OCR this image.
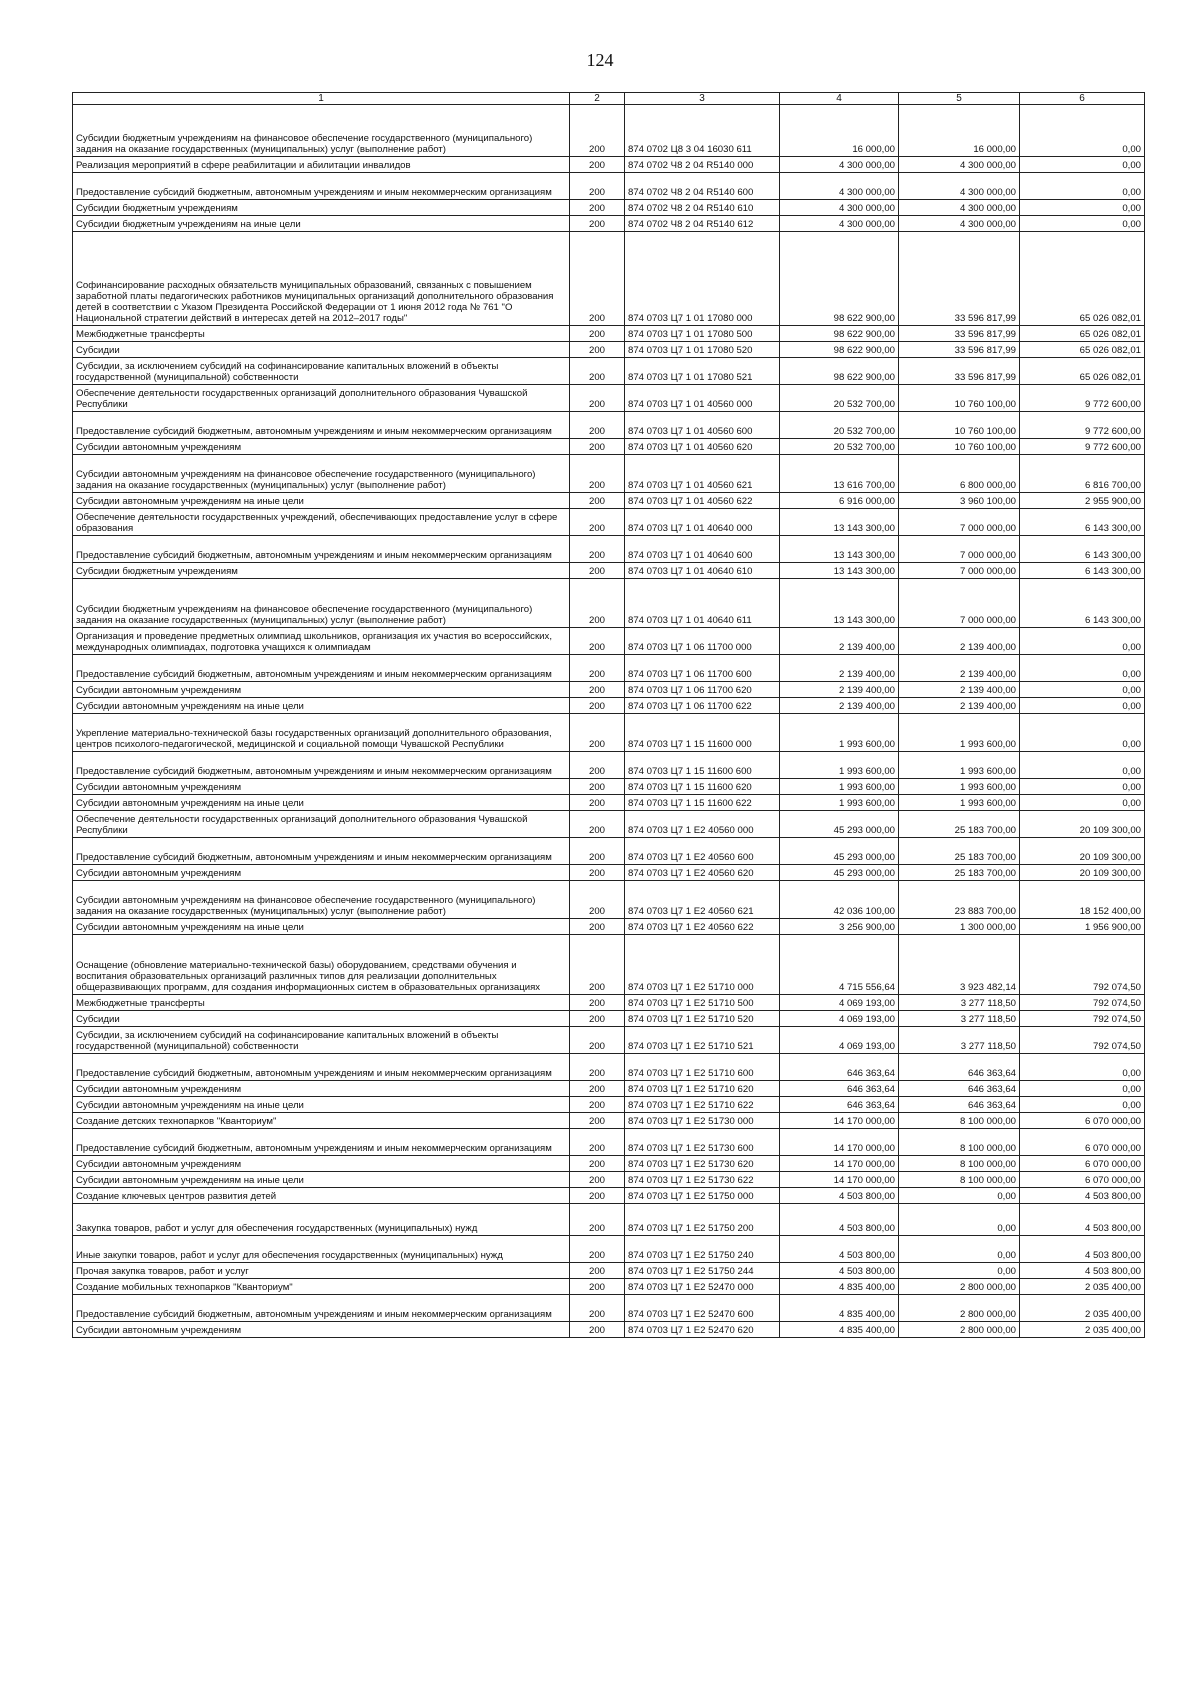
124
1	2	3	4	5	6
Субсидии бюджетным учреждениям на финансовое обеспечение государственного (муниципального) задания на оказание государственных (муниципальных) услуг (выполнение работ)	200	874 0702 Ц8 3 04 16030 611	16 000,00	16 000,00	0,00
Реализация мероприятий в сфере реабилитации и абилитации инвалидов	200	874 0702 Ч8 2 04 R5140 000	4 300 000,00	4 300 000,00	0,00
Предоставление субсидий бюджетным, автономным учреждениям и иным некоммерческим организациям	200	874 0702 Ч8 2 04 R5140 600	4 300 000,00	4 300 000,00	0,00
Субсидии бюджетным учреждениям	200	874 0702 Ч8 2 04 R5140 610	4 300 000,00	4 300 000,00	0,00
Субсидии бюджетным учреждениям на иные цели	200	874 0702 Ч8 2 04 R5140 612	4 300 000,00	4 300 000,00	0,00
Софинансирование расходных обязательств муниципальных образований, связанных с повышением заработной платы педагогических работников муниципальных организаций дополнительного образования детей в соответствии с Указом Президента Российской Федерации от 1 июня 2012 года № 761 "О Национальной стратегии действий в интересах детей на 2012–2017 годы"	200	874 0703 Ц7 1 01 17080 000	98 622 900,00	33 596 817,99	65 026 082,01
Межбюджетные трансферты	200	874 0703 Ц7 1 01 17080 500	98 622 900,00	33 596 817,99	65 026 082,01
Субсидии	200	874 0703 Ц7 1 01 17080 520	98 622 900,00	33 596 817,99	65 026 082,01
Субсидии, за исключением субсидий на софинансирование капитальных вложений в объекты государственной (муниципальной) собственности	200	874 0703 Ц7 1 01 17080 521	98 622 900,00	33 596 817,99	65 026 082,01
Обеспечение деятельности государственных организаций дополнительного образования Чувашской Республики	200	874 0703 Ц7 1 01 40560 000	20 532 700,00	10 760 100,00	9 772 600,00
Предоставление субсидий бюджетным, автономным учреждениям и иным некоммерческим организациям	200	874 0703 Ц7 1 01 40560 600	20 532 700,00	10 760 100,00	9 772 600,00
Субсидии автономным учреждениям	200	874 0703 Ц7 1 01 40560 620	20 532 700,00	10 760 100,00	9 772 600,00
Субсидии автономным учреждениям на финансовое обеспечение государственного (муниципального) задания на оказание государственных (муниципальных) услуг (выполнение работ)	200	874 0703 Ц7 1 01 40560 621	13 616 700,00	6 800 000,00	6 816 700,00
Субсидии автономным учреждениям на иные цели	200	874 0703 Ц7 1 01 40560 622	6 916 000,00	3 960 100,00	2 955 900,00
Обеспечение деятельности государственных учреждений, обеспечивающих предоставление услуг в сфере образования	200	874 0703 Ц7 1 01 40640 000	13 143 300,00	7 000 000,00	6 143 300,00
Предоставление субсидий бюджетным, автономным учреждениям и иным некоммерческим организациям	200	874 0703 Ц7 1 01 40640 600	13 143 300,00	7 000 000,00	6 143 300,00
Субсидии бюджетным учреждениям	200	874 0703 Ц7 1 01 40640 610	13 143 300,00	7 000 000,00	6 143 300,00
Субсидии бюджетным учреждениям на финансовое обеспечение государственного (муниципального) задания на оказание государственных (муниципальных) услуг (выполнение работ)	200	874 0703 Ц7 1 01 40640 611	13 143 300,00	7 000 000,00	6 143 300,00
Организация и проведение предметных олимпиад школьников, организация их участия во всероссийских, международных олимпиадах, подготовка учащихся к олимпиадам	200	874 0703 Ц7 1 06 11700 000	2 139 400,00	2 139 400,00	0,00
Предоставление субсидий бюджетным, автономным учреждениям и иным некоммерческим организациям	200	874 0703 Ц7 1 06 11700 600	2 139 400,00	2 139 400,00	0,00
Субсидии автономным учреждениям	200	874 0703 Ц7 1 06 11700 620	2 139 400,00	2 139 400,00	0,00
Субсидии автономным учреждениям на иные цели	200	874 0703 Ц7 1 06 11700 622	2 139 400,00	2 139 400,00	0,00
Укрепление материально-технической базы государственных организаций дополнительного образования, центров психолого-педагогической, медицинской и социальной помощи Чувашской Республики	200	874 0703 Ц7 1 15 11600 000	1 993 600,00	1 993 600,00	0,00
Предоставление субсидий бюджетным, автономным учреждениям и иным некоммерческим организациям	200	874 0703 Ц7 1 15 11600 600	1 993 600,00	1 993 600,00	0,00
Субсидии автономным учреждениям	200	874 0703 Ц7 1 15 11600 620	1 993 600,00	1 993 600,00	0,00
Субсидии автономным учреждениям на иные цели	200	874 0703 Ц7 1 15 11600 622	1 993 600,00	1 993 600,00	0,00
Обеспечение деятельности государственных организаций дополнительного образования Чувашской Республики	200	874 0703 Ц7 1 E2 40560 000	45 293 000,00	25 183 700,00	20 109 300,00
Предоставление субсидий бюджетным, автономным учреждениям и иным некоммерческим организациям	200	874 0703 Ц7 1 E2 40560 600	45 293 000,00	25 183 700,00	20 109 300,00
Субсидии автономным учреждениям	200	874 0703 Ц7 1 E2 40560 620	45 293 000,00	25 183 700,00	20 109 300,00
Субсидии автономным учреждениям на финансовое обеспечение государственного (муниципального) задания на оказание государственных (муниципальных) услуг (выполнение работ)	200	874 0703 Ц7 1 E2 40560 621	42 036 100,00	23 883 700,00	18 152 400,00
Субсидии автономным учреждениям на иные цели	200	874 0703 Ц7 1 E2 40560 622	3 256 900,00	1 300 000,00	1 956 900,00
Оснащение (обновление материально-технической базы) оборудованием, средствами обучения и воспитания образовательных организаций различных типов для реализации дополнительных общеразвивающих программ, для создания информационных систем в образовательных организациях	200	874 0703 Ц7 1 E2 51710 000	4 715 556,64	3 923 482,14	792 074,50
Межбюджетные трансферты	200	874 0703 Ц7 1 E2 51710 500	4 069 193,00	3 277 118,50	792 074,50
Субсидии	200	874 0703 Ц7 1 E2 51710 520	4 069 193,00	3 277 118,50	792 074,50
Субсидии, за исключением субсидий на софинансирование капитальных вложений в объекты государственной (муниципальной) собственности	200	874 0703 Ц7 1 E2 51710 521	4 069 193,00	3 277 118,50	792 074,50
Предоставление субсидий бюджетным, автономным учреждениям и иным некоммерческим организациям	200	874 0703 Ц7 1 E2 51710 600	646 363,64	646 363,64	0,00
Субсидии автономным учреждениям	200	874 0703 Ц7 1 E2 51710 620	646 363,64	646 363,64	0,00
Субсидии автономным учреждениям на иные цели	200	874 0703 Ц7 1 E2 51710 622	646 363,64	646 363,64	0,00
Создание детских технопарков "Кванториум"	200	874 0703 Ц7 1 E2 51730 000	14 170 000,00	8 100 000,00	6 070 000,00
Предоставление субсидий бюджетным, автономным учреждениям и иным некоммерческим организациям	200	874 0703 Ц7 1 E2 51730 600	14 170 000,00	8 100 000,00	6 070 000,00
Субсидии автономным учреждениям	200	874 0703 Ц7 1 E2 51730 620	14 170 000,00	8 100 000,00	6 070 000,00
Субсидии автономным учреждениям на иные цели	200	874 0703 Ц7 1 E2 51730 622	14 170 000,00	8 100 000,00	6 070 000,00
Создание ключевых центров развития детей	200	874 0703 Ц7 1 E2 51750 000	4 503 800,00	0,00	4 503 800,00
Закупка товаров, работ и услуг для обеспечения государственных (муниципальных) нужд	200	874 0703 Ц7 1 E2 51750 200	4 503 800,00	0,00	4 503 800,00
Иные закупки товаров, работ и услуг для обеспечения государственных (муниципальных) нужд	200	874 0703 Ц7 1 E2 51750 240	4 503 800,00	0,00	4 503 800,00
Прочая закупка товаров, работ и услуг	200	874 0703 Ц7 1 E2 51750 244	4 503 800,00	0,00	4 503 800,00
Создание мобильных технопарков "Кванториум"	200	874 0703 Ц7 1 E2 52470 000	4 835 400,00	2 800 000,00	2 035 400,00
Предоставление субсидий бюджетным, автономным учреждениям и иным некоммерческим организациям	200	874 0703 Ц7 1 E2 52470 600	4 835 400,00	2 800 000,00	2 035 400,00
Субсидии автономным учреждениям	200	874 0703 Ц7 1 E2 52470 620	4 835 400,00	2 800 000,00	2 035 400,00
